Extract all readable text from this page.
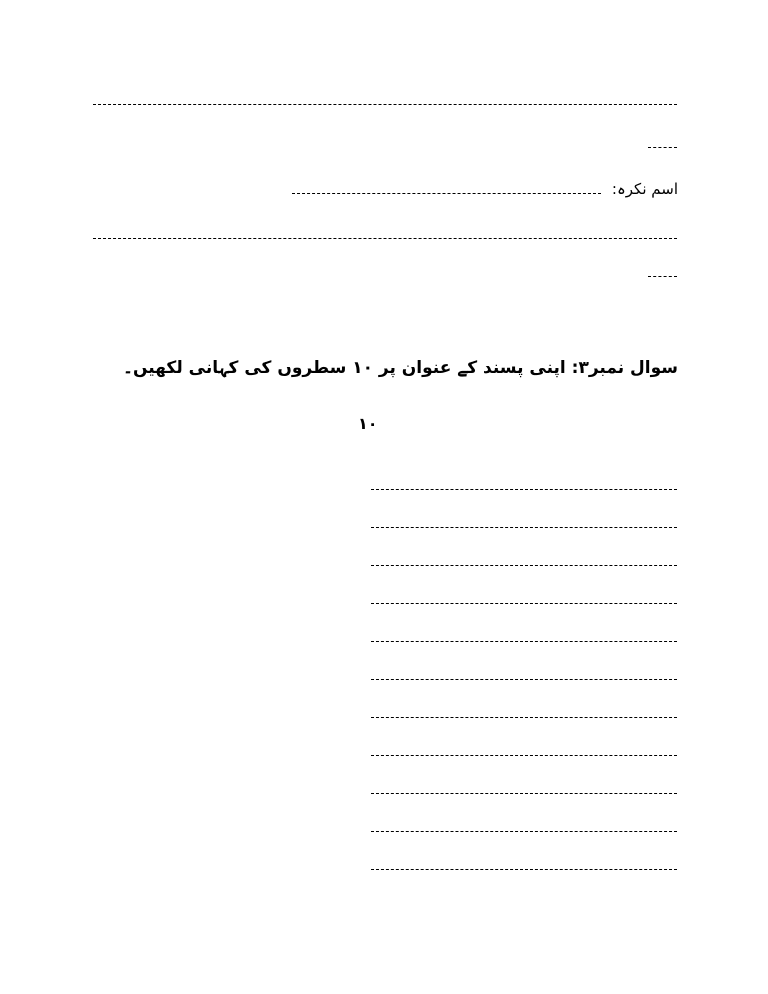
اسم نکرہ:
سوال نمبر۳: اپنی پسند کے عنوان پر ۱۰ سطروں کی کہانی لکھیں۔
۱۰
